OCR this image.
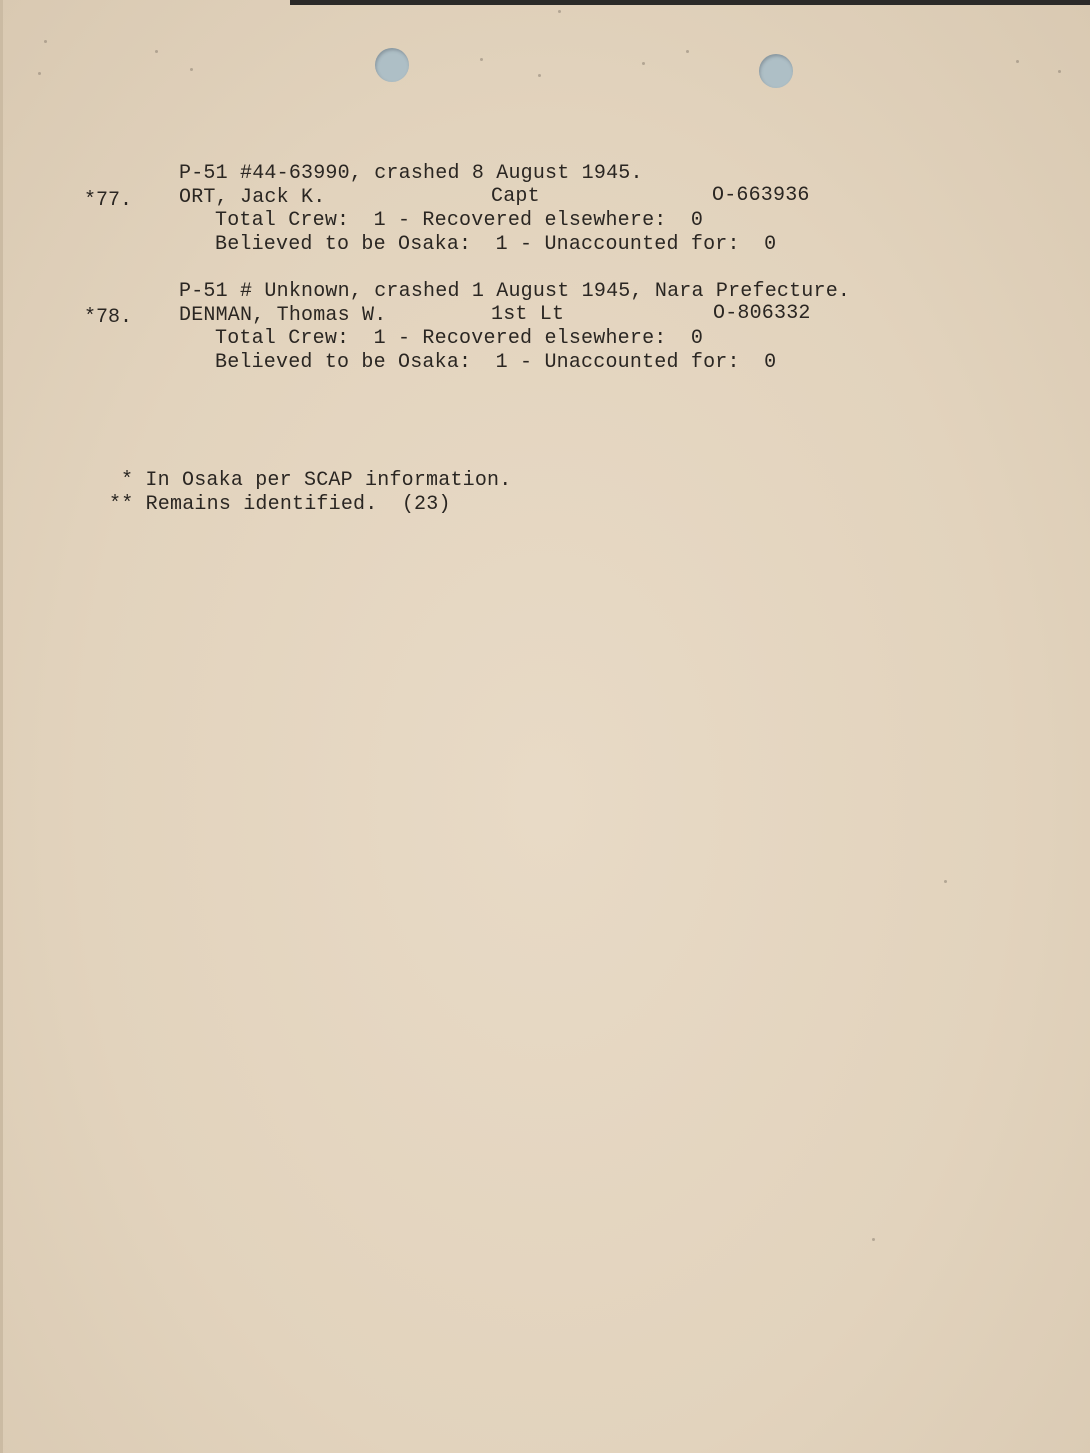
P-51 #44-63990, crashed 8 August 1945.
*77. ORT, Jack K.	Capt	O-663936
Total Crew:  1 - Recovered elsewhere:  0
Believed to be Osaka:  1 - Unaccounted for:  0
P-51 # Unknown, crashed 1 August 1945, Nara Prefecture.
*78. DENMAN, Thomas W.	1st Lt	O-806332
Total Crew:  1 - Recovered elsewhere:  0
Believed to be Osaka:  1 - Unaccounted for:  0
* In Osaka per SCAP information.
** Remains identified.  (23)
